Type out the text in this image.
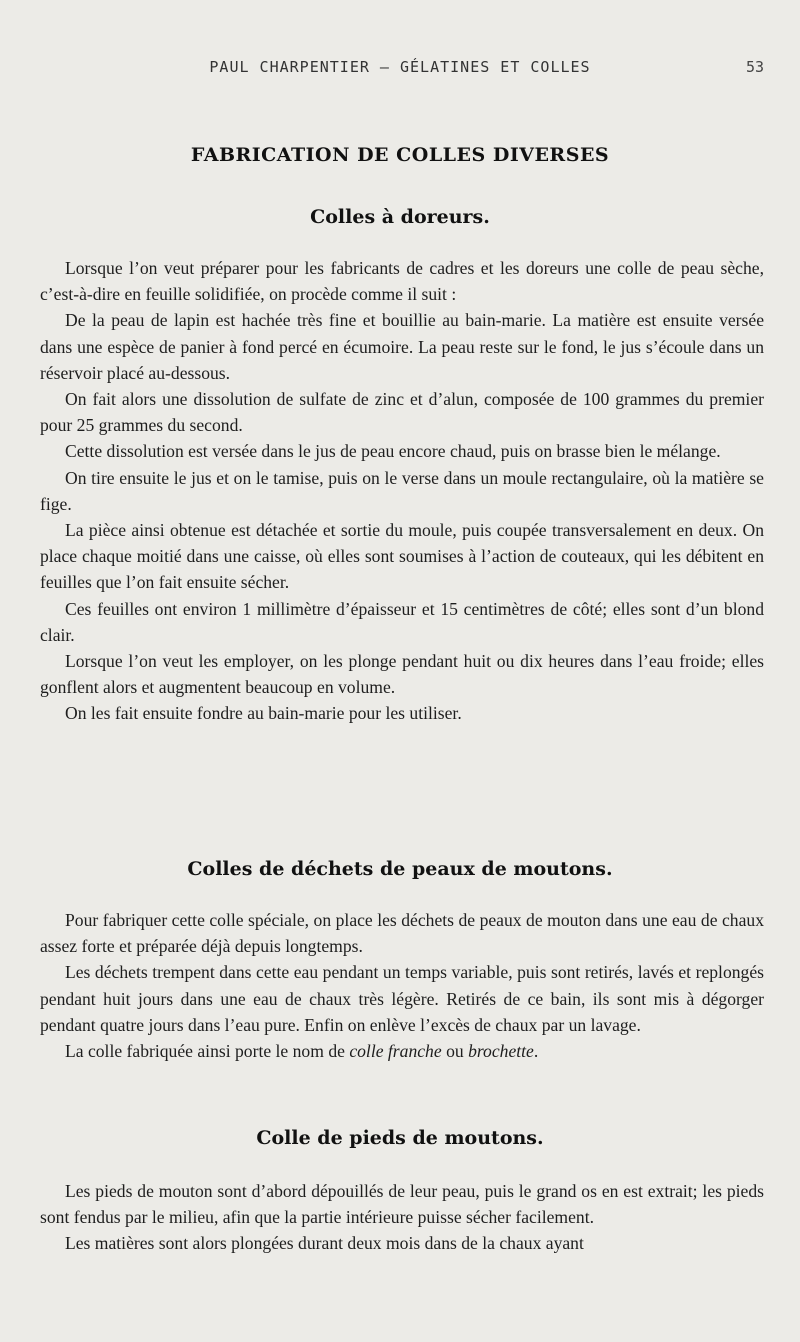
PAUL CHARPENTIER — GÉLATINES ET COLLES	53
FABRICATION DE COLLES DIVERSES
Colles à doreurs.

Lorsque l’on veut préparer pour les fabricants de cadres et les doreurs une colle de peau sèche, c’est-à-dire en feuille solidifiée, on procède comme il suit :

De la peau de lapin est hachée très fine et bouillie au bain-marie. La matière est ensuite versée dans une espèce de panier à fond percé en écumoire. La peau reste sur le fond, le jus s’écoule dans un réservoir placé au-dessous.

On fait alors une dissolution de sulfate de zinc et d’alun, composée de 100 grammes du premier pour 25 grammes du second.

Cette dissolution est versée dans le jus de peau encore chaud, puis on brasse bien le mélange.

On tire ensuite le jus et on le tamise, puis on le verse dans un moule rectangulaire, où la matière se fige.

La pièce ainsi obtenue est détachée et sortie du moule, puis coupée transversalement en deux. On place chaque moitié dans une caisse, où elles sont soumises à l’action de couteaux, qui les débitent en feuilles que l’on fait ensuite sécher.

Ces feuilles ont environ 1 millimètre d’épaisseur et 15 centimètres de côté; elles sont d’un blond clair.

Lorsque l’on veut les employer, on les plonge pendant huit ou dix heures dans l’eau froide; elles gonflent alors et augmentent beaucoup en volume.

On les fait ensuite fondre au bain-marie pour les utiliser.

Colles de déchets de peaux de moutons.

Pour fabriquer cette colle spéciale, on place les déchets de peaux de mouton dans une eau de chaux assez forte et préparée déjà depuis longtemps.

Les déchets trempent dans cette eau pendant un temps variable, puis sont retirés, lavés et replongés pendant huit jours dans une eau de chaux très légère. Retirés de ce bain, ils sont mis à dégorger pendant quatre jours dans l’eau pure. Enfin on enlève l’excès de chaux par un lavage.

La colle fabriquée ainsi porte le nom de colle franche ou brochette.

Colle de pieds de moutons.

Les pieds de mouton sont d’abord dépouillés de leur peau, puis le grand os en est extrait; les pieds sont fendus par le milieu, afin que la partie intérieure puisse sécher facilement.

Les matières sont alors plongées durant deux mois dans de la chaux ayant
